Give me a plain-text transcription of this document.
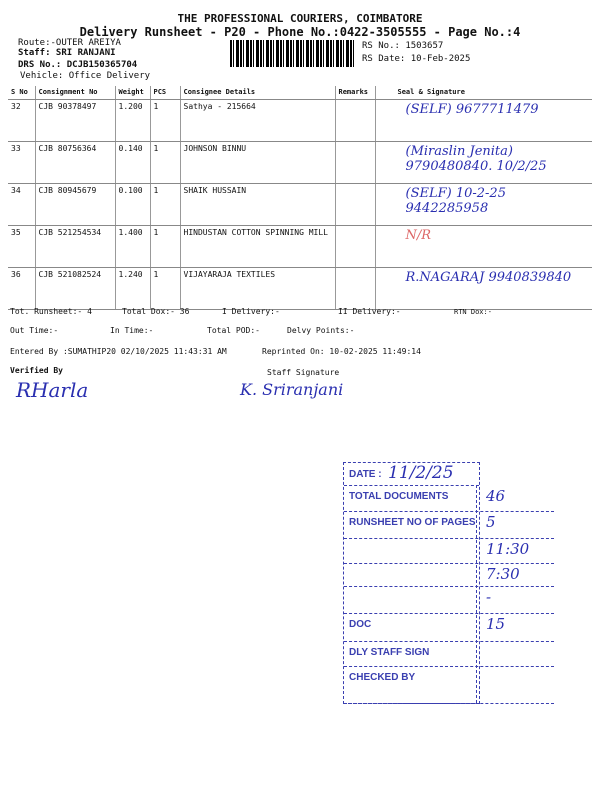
THE PROFESSIONAL COURIERS, COIMBATORE
Delivery Runsheet - P20 - Phone No.:0422-3505555 - Page No.:4
Route:-OUTER AREIYA
Staff: SRI RANJANI
DRS No.: DCJB150365704
Vehicle: Office Delivery
RS No.: 1503657
RS Date: 10-Feb-2025
S No	Consignment No	Weight	PCS	Consignee Details	Remarks	Seal & Signature
32	CJB 90378497	1.200	1	Sathya - 215664		(SELF) 9677711479
33	CJB 80756364	0.140	1	JOHNSON BINNU		(Miraslin Jenita) 9790480840. 10/2/25
34	CJB 80945679	0.100	1	SHAIK HUSSAIN		(SELF) 10-2-25 9442285958
35	CJB 521254534	1.400	1	HINDUSTAN COTTON SPINNING MILL		N/R
36	CJB 521082524	1.240	1	VIJAYARAJA TEXTILES		R.NAGARAJ 9940839840
Tot. Runsheet:- 4	Total Dox:- 36	I Delivery:-	II Delivery:-	RTN Dox:-
Out Time:-	In Time:-	Total POD:-	Delvy Points:-
Entered By :SUMATHIP20 02/10/2025 11:43:31 AM	Reprinted On: 10-02-2025 11:49:14
Verified By	Staff Signature
RHarla	K. Sriranjani
DATE : 11/2/25
TOTAL DOCUMENTS	46
RUNSHEET NO OF PAGES 5
11:30
7:30
-
DOC	15
DLY STAFF SIGN
CHECKED BY
